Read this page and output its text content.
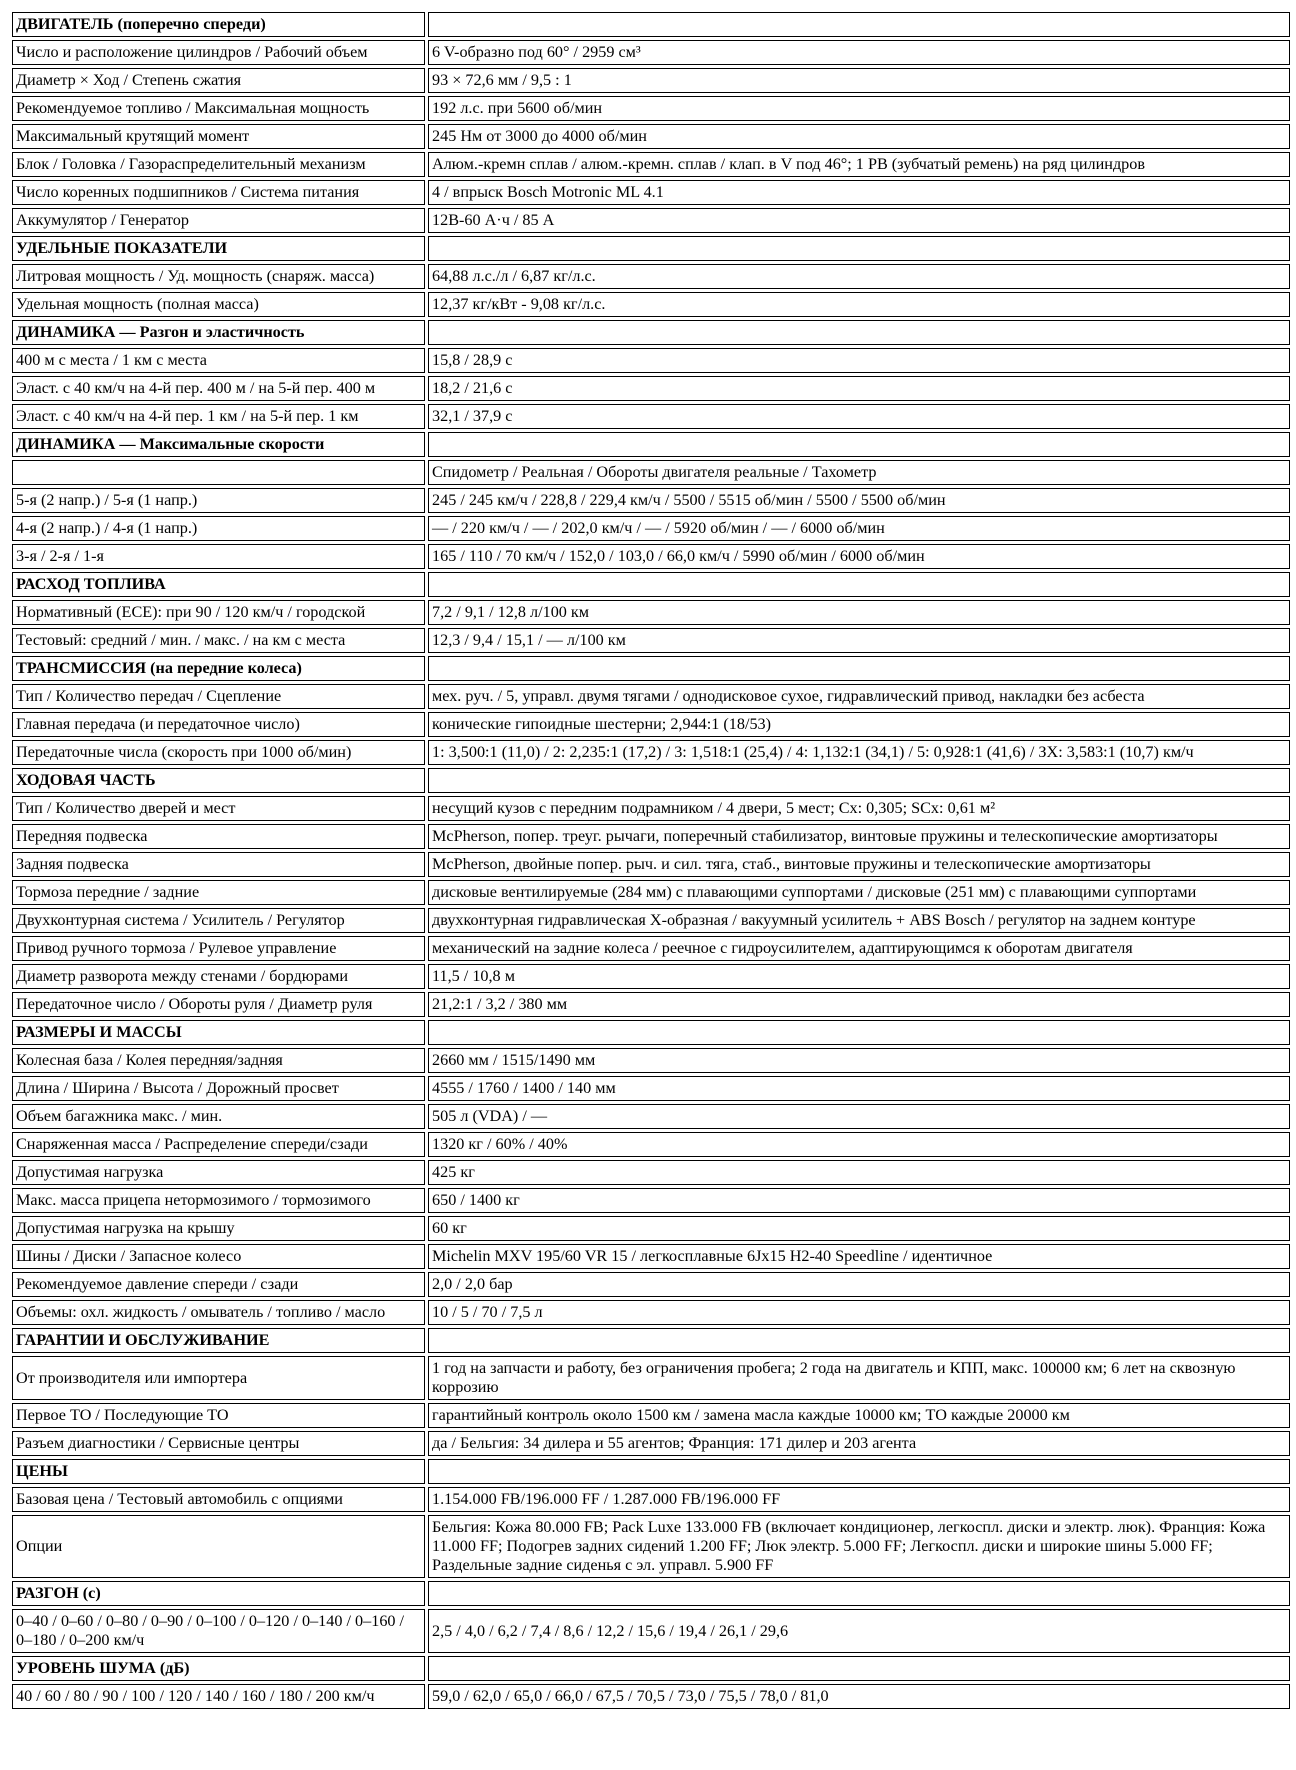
ДВИГАТЕЛЬ (поперечно спереди)	
Число и расположение цилиндров / Рабочий объем	6 V-образно под 60° / 2959 см³
Диаметр × Ход / Степень сжатия	93 × 72,6 мм / 9,5 : 1
Рекомендуемое топливо / Максимальная мощность	192 л.с. при 5600 об/мин
Максимальный крутящий момент	245 Нм от 3000 до 4000 об/мин
Блок / Головка / Газораспределительный механизм	Алюм.-кремн сплав / алюм.-кремн. сплав / клап. в V под 46°; 1 РВ (зубчатый ремень) на ряд цилиндров
Число коренных подшипников / Система питания	4 / впрыск Bosch Motronic ML 4.1
Аккумулятор / Генератор	12В-60 А·ч / 85 А
УДЕЛЬНЫЕ ПОКАЗАТЕЛИ	
Литровая мощность / Уд. мощность (снаряж. масса)	64,88 л.с./л / 6,87 кг/л.с.
Удельная мощность (полная масса)	12,37 кг/кВт - 9,08 кг/л.с.
ДИНАМИКА — Разгон и эластичность	
400 м с места / 1 км с места	15,8 / 28,9 с
Эласт. с 40 км/ч на 4-й пер. 400 м / на 5-й пер. 400 м	18,2 / 21,6 с
Эласт. с 40 км/ч на 4-й пер. 1 км / на 5-й пер. 1 км	32,1 / 37,9 с
ДИНАМИКА — Максимальные скорости	
	Спидометр / Реальная / Обороты двигателя реальные / Тахометр
5-я (2 напр.) / 5-я (1 напр.)	245 / 245 км/ч / 228,8 / 229,4 км/ч / 5500 / 5515 об/мин / 5500 / 5500 об/мин
4-я (2 напр.) / 4-я (1 напр.)	— / 220 км/ч / — / 202,0 км/ч / — / 5920 об/мин / — / 6000 об/мин
3-я / 2-я / 1-я	165 / 110 / 70 км/ч / 152,0 / 103,0 / 66,0 км/ч / 5990 об/мин / 6000 об/мин
РАСХОД ТОПЛИВА	
Нормативный (ECE): при 90 / 120 км/ч / городской	7,2 / 9,1 / 12,8 л/100 км
Тестовый: средний / мин. / макс. / на км с места	12,3 / 9,4 / 15,1 / — л/100 км
ТРАНСМИССИЯ (на передние колеса)	
Тип / Количество передач / Сцепление	мех. руч. / 5, управл. двумя тягами / однодисковое сухое, гидравлический привод, накладки без асбеста
Главная передача (и передаточное число)	конические гипоидные шестерни; 2,944:1 (18/53)
Передаточные числа (скорость при 1000 об/мин)	1: 3,500:1 (11,0) / 2: 2,235:1 (17,2) / 3: 1,518:1 (25,4) / 4: 1,132:1 (34,1) / 5: 0,928:1 (41,6) / ЗХ: 3,583:1 (10,7) км/ч
ХОДОВАЯ ЧАСТЬ	
Тип / Количество дверей и мест	несущий кузов с передним подрамником / 4 двери, 5 мест; Cx: 0,305; SCx: 0,61 м²
Передняя подвеска	McPherson, попер. треуг. рычаги, поперечный стабилизатор, винтовые пружины и телескопические амортизаторы
Задняя подвеска	McPherson, двойные попер. рыч. и сил. тяга, стаб., винтовые пружины и телескопические амортизаторы
Тормоза передние / задние	дисковые вентилируемые (284 мм) с плавающими суппортами / дисковые (251 мм) с плавающими суппортами
Двухконтурная система / Усилитель / Регулятор	двухконтурная гидравлическая X-образная / вакуумный усилитель + ABS Bosch / регулятор на заднем контуре
Привод ручного тормоза / Рулевое управление	механический на задние колеса / реечное с гидроусилителем, адаптирующимся к оборотам двигателя
Диаметр разворота между стенами / бордюрами	11,5 / 10,8 м
Передаточное число / Обороты руля / Диаметр руля	21,2:1 / 3,2 / 380 мм
РАЗМЕРЫ И МАССЫ	
Колесная база / Колея передняя/задняя	2660 мм / 1515/1490 мм
Длина / Ширина / Высота / Дорожный просвет	4555 / 1760 / 1400 / 140 мм
Объем багажника макс. / мин.	505 л (VDA) / —
Снаряженная масса / Распределение спереди/сзади	1320 кг / 60% / 40%
Допустимая нагрузка	425 кг
Макс. масса прицепа нетормозимого / тормозимого	650 / 1400 кг
Допустимая нагрузка на крышу	60 кг
Шины / Диски / Запасное колесо	Michelin MXV 195/60 VR 15 / легкосплавные 6Jx15 H2-40 Speedline / идентичное
Рекомендуемое давление спереди / сзади	2,0 / 2,0 бар
Объемы: охл. жидкость / омыватель / топливо / масло	10 / 5 / 70 / 7,5 л
ГАРАНТИИ И ОБСЛУЖИВАНИЕ	
От производителя или импортера	1 год на запчасти и работу, без ограничения пробега; 2 года на двигатель и КПП, макс. 100000 км; 6 лет на сквозную коррозию
Первое ТО / Последующие ТО	гарантийный контроль около 1500 км / замена масла каждые 10000 км; ТО каждые 20000 км
Разъем диагностики / Сервисные центры	да / Бельгия: 34 дилера и 55 агентов; Франция: 171 дилер и 203 агента
ЦЕНЫ	
Базовая цена / Тестовый автомобиль с опциями	1.154.000 FB/196.000 FF / 1.287.000 FB/196.000 FF
Опции	Бельгия: Кожа 80.000 FB; Pack Luxe 133.000 FB (включает кондиционер, легкоспл. диски и электр. люк). Франция: Кожа 11.000 FF; Подогрев задних сидений 1.200 FF; Люк электр. 5.000 FF; Легкоспл. диски и широкие шины 5.000 FF; Раздельные задние сиденья с эл. управл. 5.900 FF
РАЗГОН (с)	
0–40 / 0–60 / 0–80 / 0–90 / 0–100 / 0–120 / 0–140 / 0–160 / 0–180 / 0–200 км/ч	2,5 / 4,0 / 6,2 / 7,4 / 8,6 / 12,2 / 15,6 / 19,4 / 26,1 / 29,6
УРОВЕНЬ ШУМА (дБ)	
40 / 60 / 80 / 90 / 100 / 120 / 140 / 160 / 180 / 200 км/ч	59,0 / 62,0 / 65,0 / 66,0 / 67,5 / 70,5 / 73,0 / 75,5 / 78,0 / 81,0
